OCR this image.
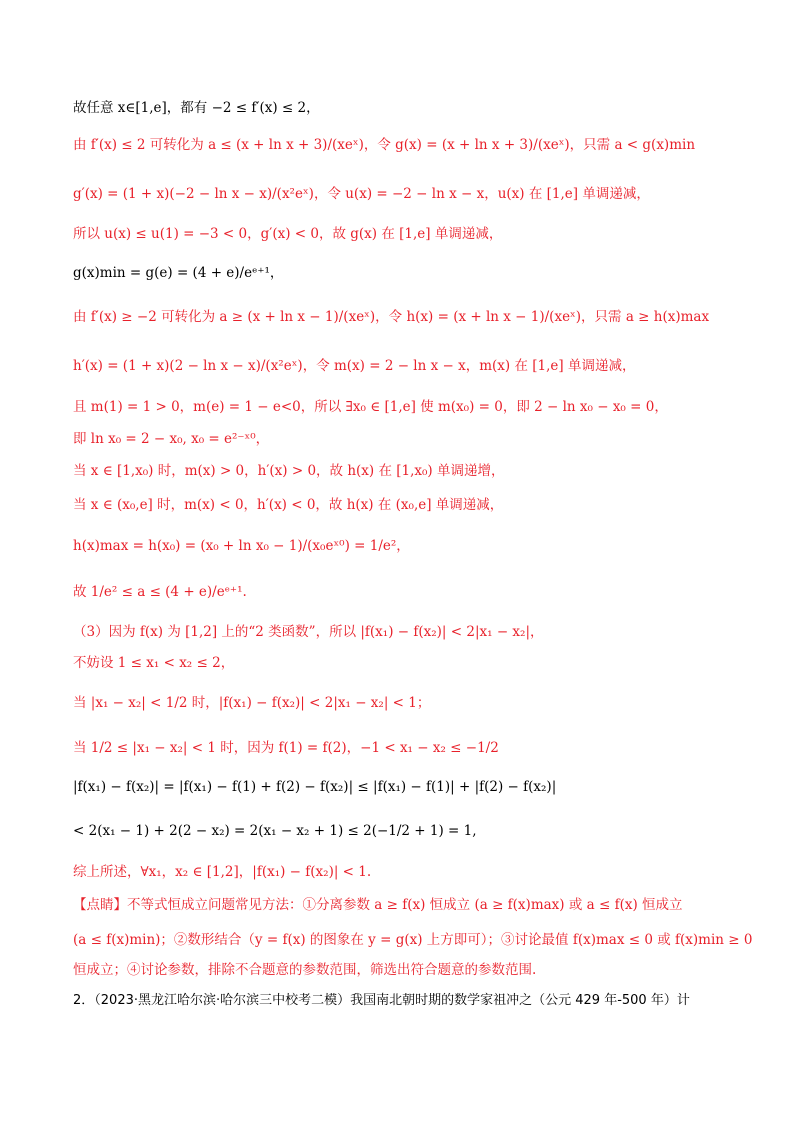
故任意 x∈[1,e]，都有 −2 ≤ f′(x) ≤ 2，
由 f′(x) ≤ 2 可转化为 a ≤ (x + ln x + 3)/(xeˣ)，令 g(x) = (x + ln x + 3)/(xeˣ)，只需 a < g(x)min
g′(x) = (1 + x)(−2 − ln x − x)/(x²eˣ)，令 u(x) = −2 − ln x − x，u(x) 在 [1,e] 单调递减，
所以 u(x) ≤ u(1) = −3 < 0，g′(x) < 0，故 g(x) 在 [1,e] 单调递减，
g(x)min = g(e) = (4 + e)/eᵉ⁺¹，
由 f′(x) ≥ −2 可转化为 a ≥ (x + ln x − 1)/(xeˣ)，令 h(x) = (x + ln x − 1)/(xeˣ)，只需 a ≥ h(x)max
h′(x) = (1 + x)(2 − ln x − x)/(x²eˣ)，令 m(x) = 2 − ln x − x，m(x) 在 [1,e] 单调递减，
且 m(1) = 1 > 0，m(e) = 1 − e<0，所以 ∃x₀ ∈ [1,e] 使 m(x₀) = 0，即 2 − ln x₀ − x₀ = 0，
即 ln x₀ = 2 − x₀, x₀ = e²⁻ˣ⁰，
当 x ∈ [1,x₀) 时，m(x) > 0，h′(x) > 0，故 h(x) 在 [1,x₀) 单调递增，
当 x ∈ (x₀,e] 时，m(x) < 0，h′(x) < 0，故 h(x) 在 (x₀,e] 单调递减，
h(x)max = h(x₀) = (x₀ + ln x₀ − 1)/(x₀eˣ⁰) = 1/e²，
故 1/e² ≤ a ≤ (4 + e)/eᵉ⁺¹.
（3）因为 f(x) 为 [1,2] 上的“2 类函数”，所以 |f(x₁) − f(x₂)| < 2|x₁ − x₂|，
不妨设 1 ≤ x₁ < x₂ ≤ 2，
当 |x₁ − x₂| < 1/2 时，|f(x₁) − f(x₂)| < 2|x₁ − x₂| < 1；
当 1/2 ≤ |x₁ − x₂| < 1 时，因为 f(1) = f(2)，−1 < x₁ − x₂ ≤ −1/2
|f(x₁) − f(x₂)| = |f(x₁) − f(1) + f(2) − f(x₂)| ≤ |f(x₁) − f(1)| + |f(2) − f(x₂)|
< 2(x₁ − 1) + 2(2 − x₂) = 2(x₁ − x₂ + 1) ≤ 2(−1/2 + 1) = 1,
综上所述，∀x₁，x₂ ∈ [1,2]，|f(x₁) − f(x₂)| < 1.
【点睛】不等式恒成立问题常见方法：①分离参数 a ≥ f(x) 恒成立 (a ≥ f(x)max) 或 a ≤ f(x) 恒成立
(a ≤ f(x)min)；②数形结合（y = f(x) 的图象在 y = g(x) 上方即可）；③讨论最值 f(x)max ≤ 0 或 f(x)min ≥ 0
恒成立；④讨论参数，排除不合题意的参数范围，筛选出符合题意的参数范围.
2．（2023·黑龙江哈尔滨·哈尔滨三中校考二模）我国南北朝时期的数学家祖冲之（公元 429 年-500 年）计
